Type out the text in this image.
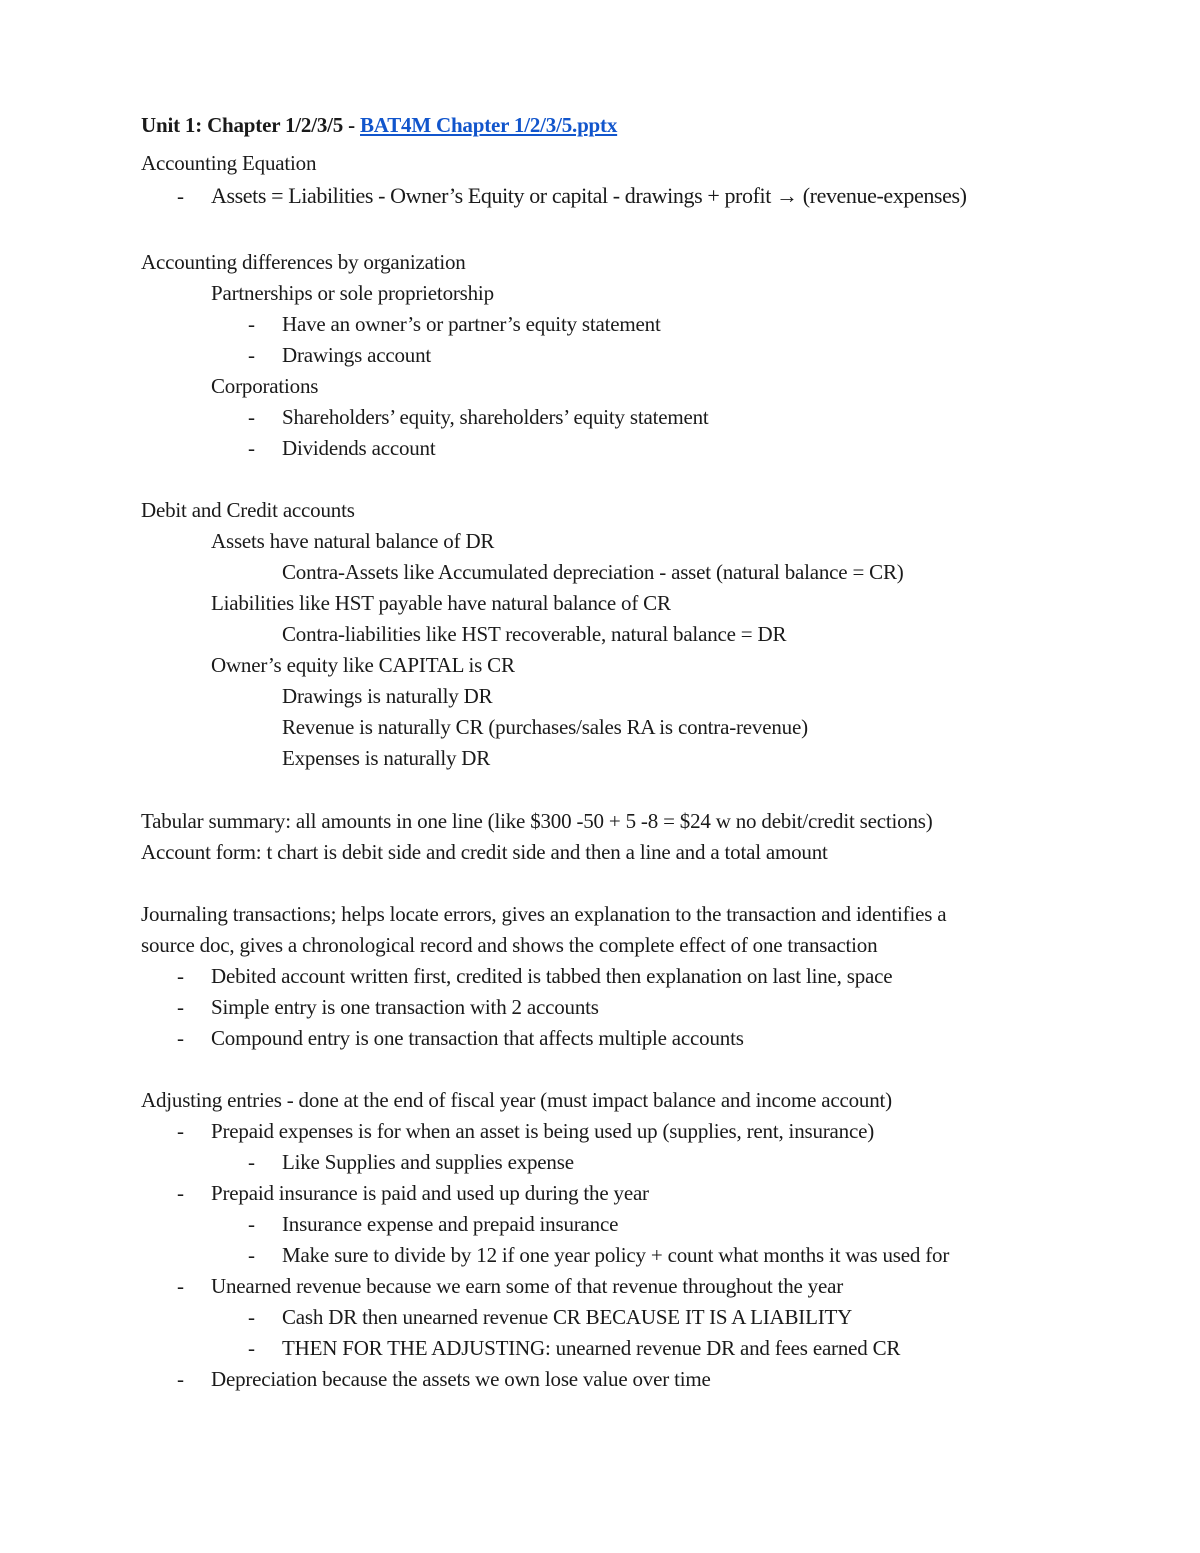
Unit 1: Chapter 1/2/3/5 - BAT4M Chapter 1/2/3/5.pptx
Accounting Equation
- Assets = Liabilities - Owner’s Equity or capital - drawings + profit → (revenue-expenses)
Accounting differences by organization
Partnerships or sole proprietorship
- Have an owner’s or partner’s equity statement
- Drawings account
Corporations
- Shareholders’ equity, shareholders’ equity statement
- Dividends account
Debit and Credit accounts
Assets have natural balance of DR
Contra-Assets like Accumulated depreciation - asset (natural balance = CR)
Liabilities like HST payable have natural balance of CR
Contra-liabilities like HST recoverable, natural balance = DR
Owner’s equity like CAPITAL is CR
Drawings is naturally DR
Revenue is naturally CR (purchases/sales RA is contra-revenue)
Expenses is naturally DR
Tabular summary: all amounts in one line (like $300 -50 + 5 -8 = $24 w no debit/credit sections)
Account form: t chart is debit side and credit side and then a line and a total amount
Journaling transactions; helps locate errors, gives an explanation to the transaction and identifies a
source doc, gives a chronological record and shows the complete effect of one transaction
- Debited account written first, credited is tabbed then explanation on last line, space
- Simple entry is one transaction with 2 accounts
- Compound entry is one transaction that affects multiple accounts
Adjusting entries - done at the end of fiscal year (must impact balance and income account)
- Prepaid expenses is for when an asset is being used up (supplies, rent, insurance)
- Like Supplies and supplies expense
- Prepaid insurance is paid and used up during the year
- Insurance expense and prepaid insurance
- Make sure to divide by 12 if one year policy + count what months it was used for
- Unearned revenue because we earn some of that revenue throughout the year
- Cash DR then unearned revenue CR BECAUSE IT IS A LIABILITY
- THEN FOR THE ADJUSTING: unearned revenue DR and fees earned CR
- Depreciation because the assets we own lose value over time
